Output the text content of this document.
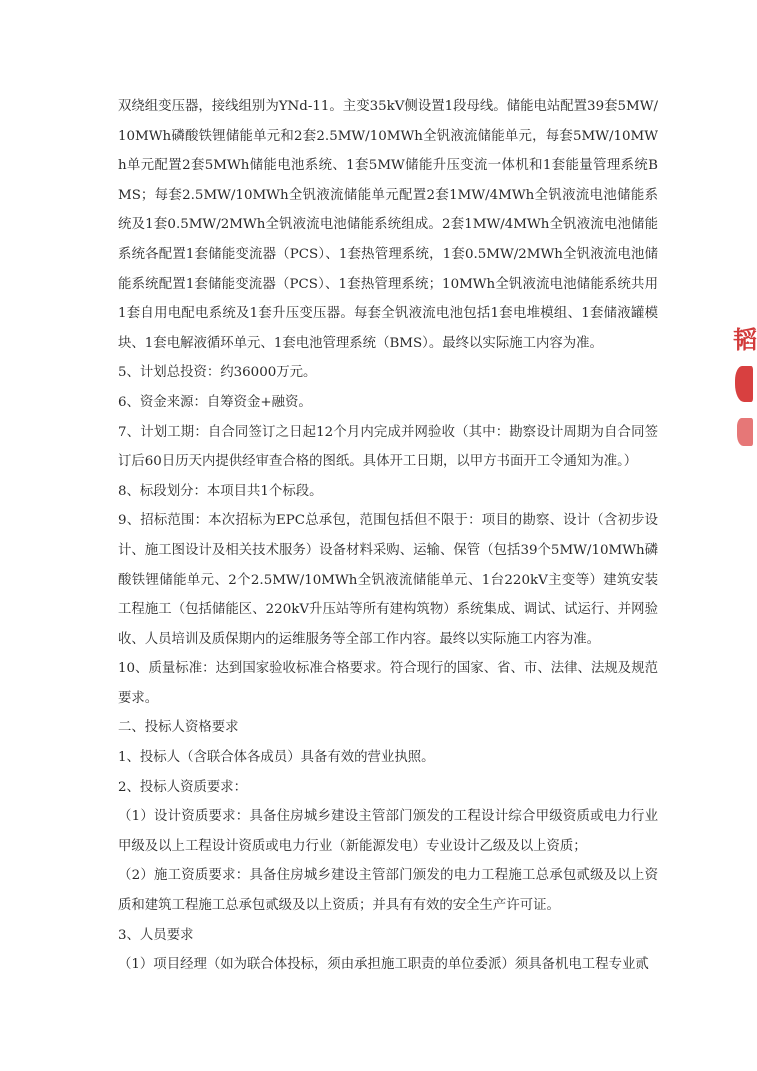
双绕组变压器，接线组别为YNd-11。主变35kV侧设置1段母线。储能电站配置39套5MW/10MWh磷酸铁锂储能单元和2套2.5MW/10MWh全钒液流储能单元，每套5MW/10MWh单元配置2套5MWh储能电池系统、1套5MW储能升压变流一体机和1套能量管理系统BMS；每套2.5MW/10MWh全钒液流储能单元配置2套1MW/4MWh全钒液流电池储能系统及1套0.5MW/2MWh全钒液流电池储能系统组成。2套1MW/4MWh全钒液流电池储能系统各配置1套储能变流器（PCS）、1套热管理系统，1套0.5MW/2MWh全钒液流电池储能系统配置1套储能变流器（PCS）、1套热管理系统；10MWh全钒液流电池储能系统共用1套自用电配电系统及1套升压变压器。每套全钒液流电池包括1套电堆模组、1套储液罐模块、1套电解液循环单元、1套电池管理系统（BMS）。最终以实际施工内容为准。

5、计划总投资：约36000万元。

6、资金来源：自筹资金+融资。

7、计划工期：自合同签订之日起12个月内完成并网验收（其中：勘察设计周期为自合同签订后60日历天内提供经审查合格的图纸。具体开工日期，以甲方书面开工令通知为准。）

8、标段划分：本项目共1个标段。

9、招标范围：本次招标为EPC总承包，范围包括但不限于：项目的勘察、设计（含初步设计、施工图设计及相关技术服务）设备材料采购、运输、保管（包括39个5MW/10MWh磷酸铁锂储能单元、2个2.5MW/10MWh全钒液流储能单元、1台220kV主变等）建筑安装工程施工（包括储能区、220kV升压站等所有建构筑物）系统集成、调试、试运行、并网验收、人员培训及质保期内的运维服务等全部工作内容。最终以实际施工内容为准。

10、质量标准：达到国家验收标准合格要求。符合现行的国家、省、市、法律、法规及规范要求。

二、投标人资格要求

1、投标人（含联合体各成员）具备有效的营业执照。

2、投标人资质要求：

（1）设计资质要求：具备住房城乡建设主管部门颁发的工程设计综合甲级资质或电力行业甲级及以上工程设计资质或电力行业（新能源发电）专业设计乙级及以上资质；

（2）施工资质要求：具备住房城乡建设主管部门颁发的电力工程施工总承包贰级及以上资质和建筑工程施工总承包贰级及以上资质；并具有有效的安全生产许可证。

3、人员要求

（1）项目经理（如为联合体投标，须由承担施工职责的单位委派）须具备机电工程专业贰

韬
